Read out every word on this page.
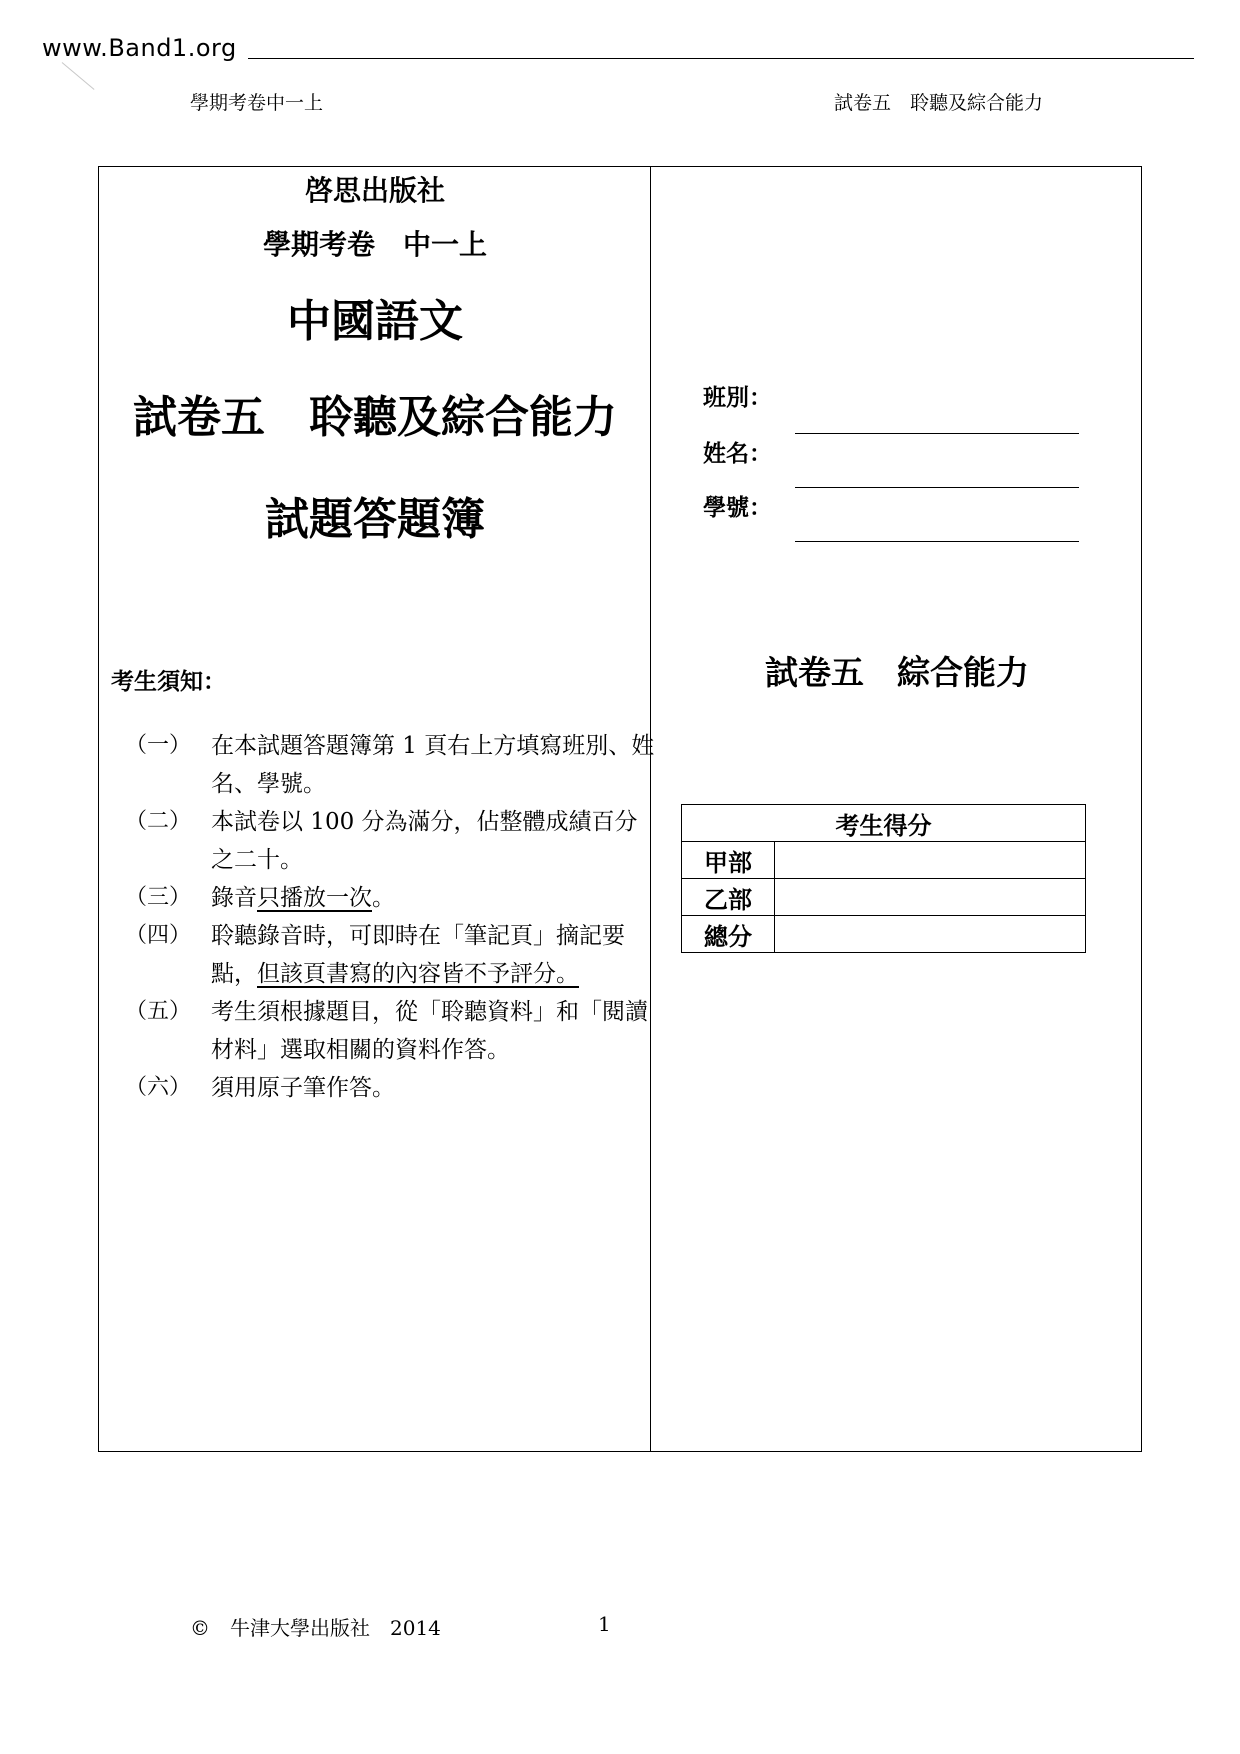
www.Band1.org
學期考卷中一上	試卷五　聆聽及綜合能力
啓思出版社
學期考卷　中一上
中國語文
試卷五　聆聽及綜合能力
試題答題簿
考生須知：
（一） 在本試題答題簿第 1 頁右上方填寫班別、姓名、學號。
（二） 本試卷以 100 分為滿分，佔整體成績百分之二十。
（三） 錄音只播放一次。
（四） 聆聽錄音時，可即時在「筆記頁」摘記要點，但該頁書寫的內容皆不予評分。
（五） 考生須根據題目，從「聆聽資料」和「閱讀材料」選取相關的資料作答。
（六） 須用原子筆作答。
班別：
姓名：
學號：
試卷五　綜合能力
考生得分	
甲部	
乙部	
總分	
©　牛津大學出版社　2014	1
